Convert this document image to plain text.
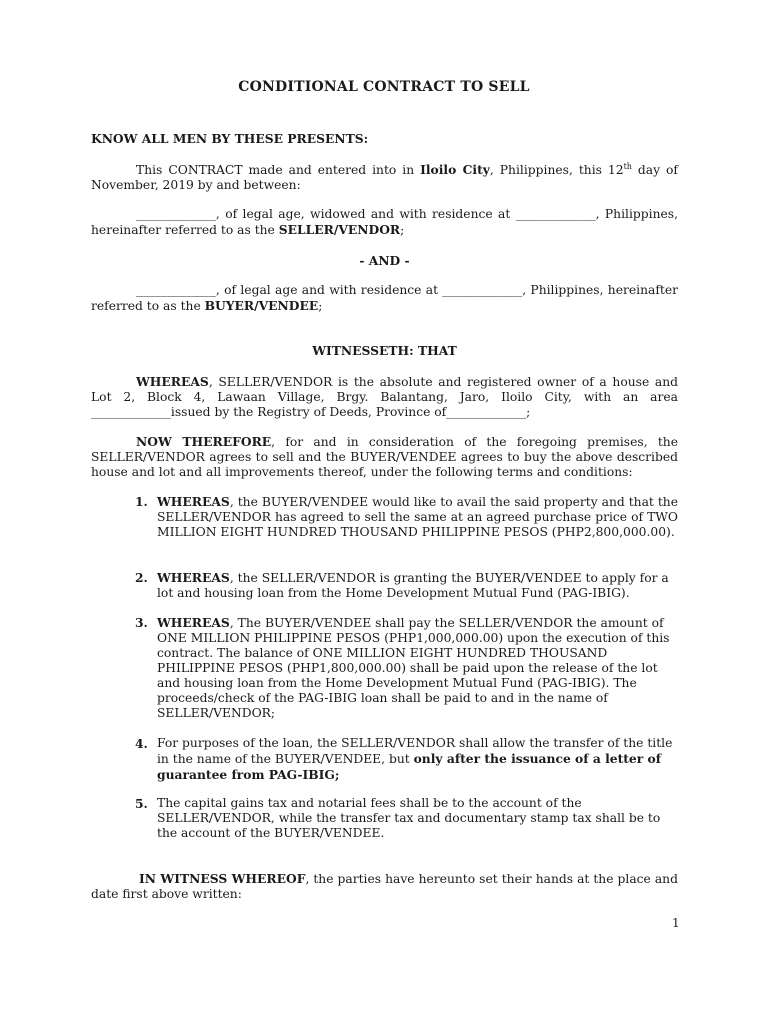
CONDITIONAL CONTRACT TO SELL
KNOW ALL MEN BY THESE PRESENTS:
This CONTRACT made and entered into in Iloilo City, Philippines, this 12th day of November, 2019 by and between:
_____________, of legal age, widowed and with residence at _____________, Philippines, hereinafter referred to as the SELLER/VENDOR;
- AND -
_____________, of legal age and with residence at _____________, Philippines, hereinafter referred to as the BUYER/VENDEE;
WITNESSETH: THAT
WHEREAS, SELLER/VENDOR is the absolute and registered owner of a house and Lot 2, Block 4, Lawaan Village, Brgy. Balantang, Jaro, Iloilo City, with an area _____________issued by the Registry of Deeds, Province of_____________;
NOW THEREFORE, for and in consideration of the foregoing premises, the SELLER/VENDOR agrees to sell and the BUYER/VENDEE agrees to buy the above described house and lot and all improvements thereof, under the following terms and conditions:
1. WHEREAS, the BUYER/VENDEE would like to avail the said property and that the SELLER/VENDOR has agreed to sell the same at an agreed purchase price of TWO MILLION EIGHT HUNDRED THOUSAND PHILIPPINE PESOS (PHP2,800,000.00).
2. WHEREAS, the SELLER/VENDOR is granting the BUYER/VENDEE to apply for a lot and housing loan from the Home Development Mutual Fund (PAG-IBIG).
3. WHEREAS, The BUYER/VENDEE shall pay the SELLER/VENDOR the amount of ONE MILLION PHILIPPINE PESOS (PHP1,000,000.00) upon the execution of this contract. The balance of ONE MILLION EIGHT HUNDRED THOUSAND PHILIPPINE PESOS (PHP1,800,000.00) shall be paid upon the release of the lot and housing loan from the Home Development Mutual Fund (PAG-IBIG). The proceeds/check of the PAG-IBIG loan shall be paid to and in the name of SELLER/VENDOR;
4. For purposes of the loan, the SELLER/VENDOR shall allow the transfer of the title in the name of the BUYER/VENDEE, but only after the issuance of a letter of guarantee from PAG-IBIG;
5. The capital gains tax and notarial fees shall be to the account of the SELLER/VENDOR, while the transfer tax and documentary stamp tax shall be to the account of the BUYER/VENDEE.
IN WITNESS WHEREOF, the parties have hereunto set their hands at the place and date first above written:
1
